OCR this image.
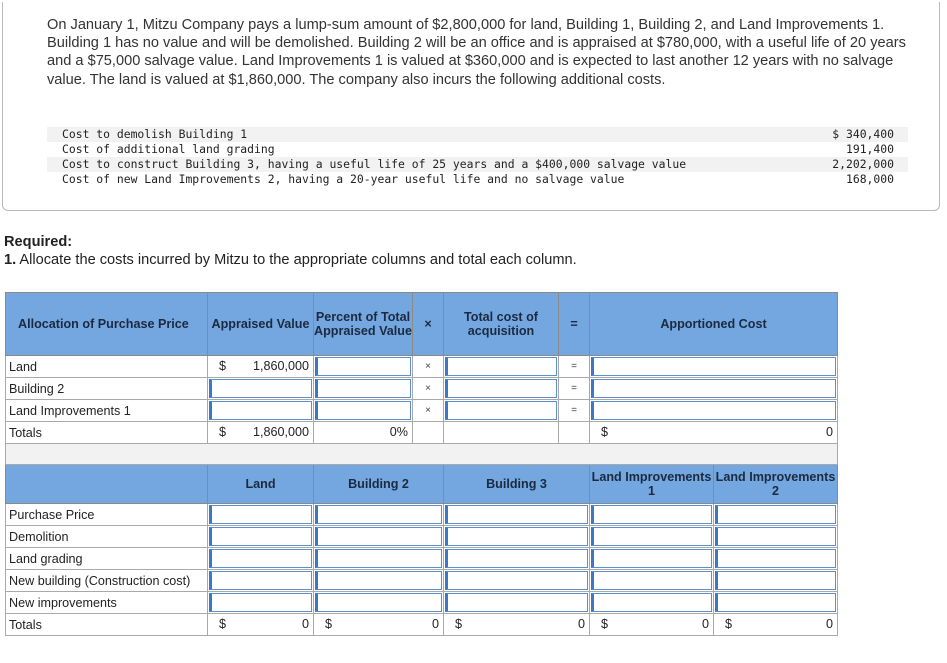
On January 1, Mitzu Company pays a lump-sum amount of $2,800,000 for land, Building 1, Building 2, and Land Improvements 1. Building 1 has no value and will be demolished. Building 2 will be an office and is appraised at $780,000, with a useful life of 20 years and a $75,000 salvage value. Land Improvements 1 is valued at $360,000 and is expected to last another 12 years with no salvage value. The land is valued at $1,860,000. The company also incurs the following additional costs.
Cost to demolish Building 1	$ 340,400
Cost of additional land grading	191,400
Cost to construct Building 3, having a useful life of 25 years and a $400,000 salvage value	2,202,000
Cost of new Land Improvements 2, having a 20-year useful life and no salvage value	168,000
Required:
1. Allocate the costs incurred by Mitzu to the appropriate columns and total each column.
Allocation of Purchase Price	Appraised Value	Percent of Total Appraised Value	×	Total cost of acquisition	=	Apportioned Cost	
Land	$ 1,860,000		×		=		

Building 2			×		=		

Land Improvements 1			×		=		

Totals	$ 1,860,000	0%				$ 0	

	Land	Building 2		Building 3		Land Improvements 1	Land Improvements 2
Purchase Price			

Demolition			

Land grading			

New building (Construction cost)			

New improvements			

Totals	$ 0	$ 0		$ 0		$ 0	$ 0
